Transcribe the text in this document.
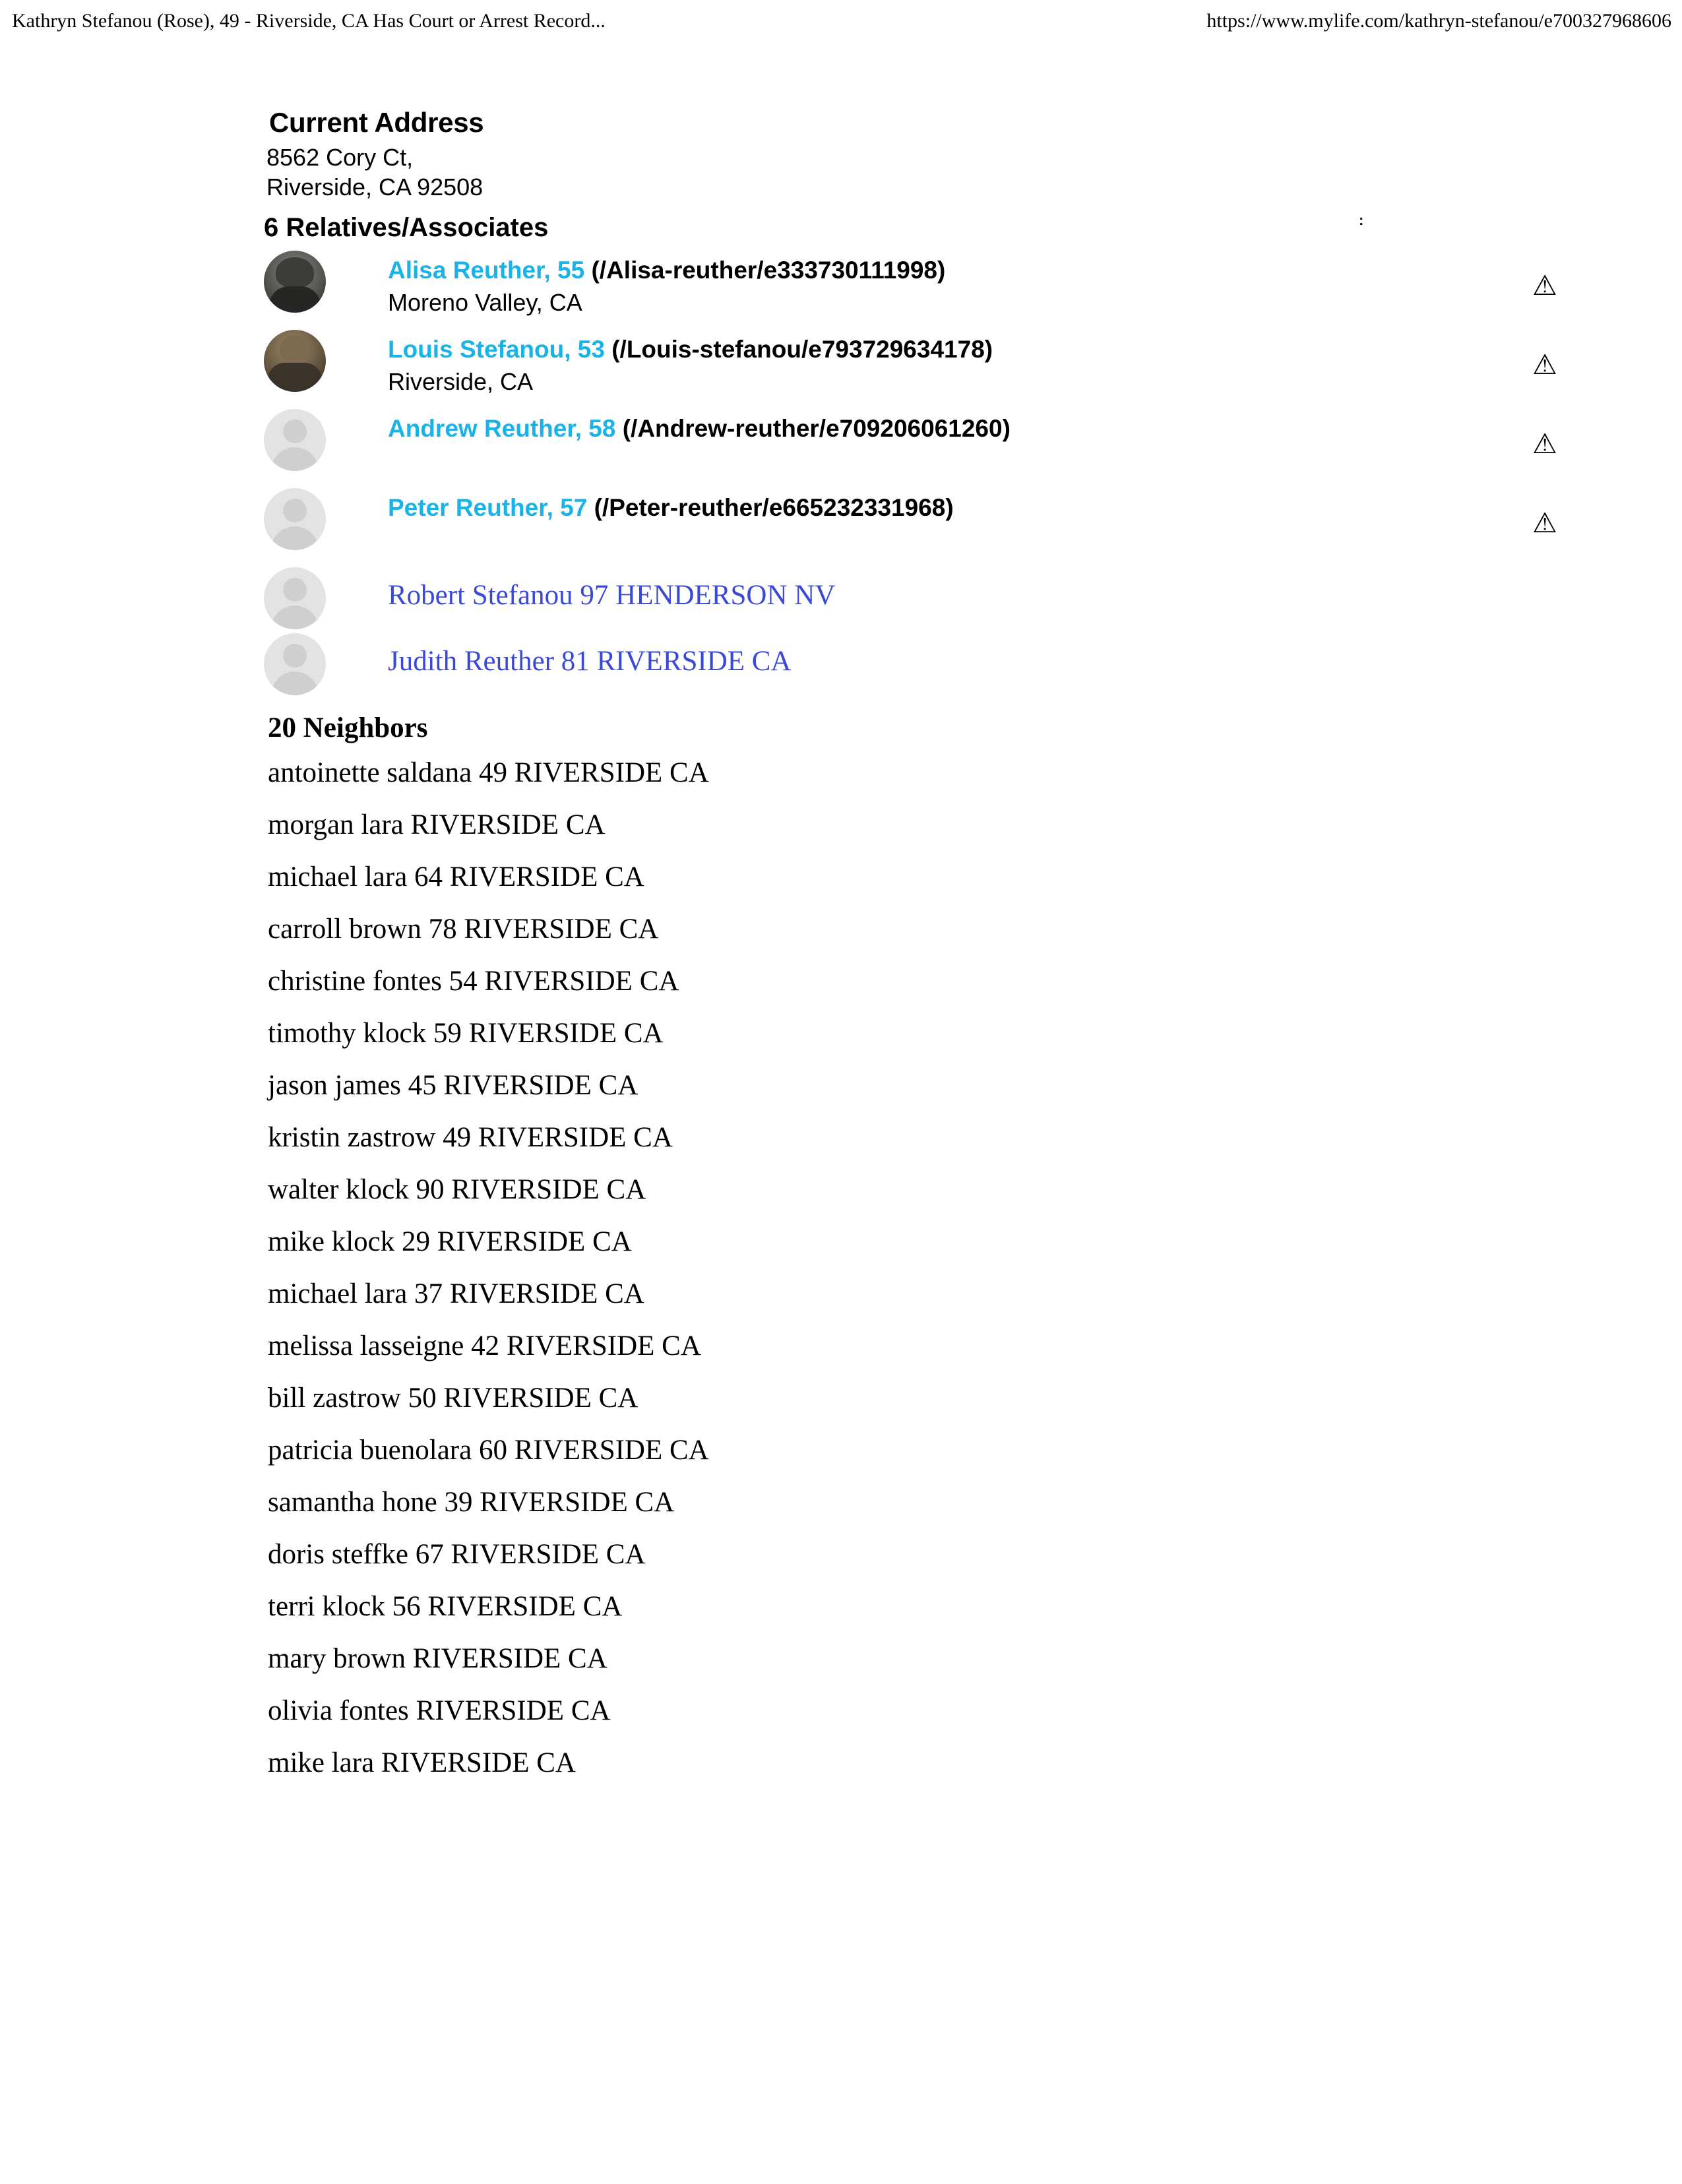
Kathryn Stefanou (Rose), 49 - Riverside, CA Has Court or Arrest Record...	https://www.mylife.com/kathryn-stefanou/e700327968606
Current Address
8562 Cory Ct,
Riverside, CA 92508
6 Relatives/Associates	:
Alisa Reuther, 55 (/Alisa-reuther/e333730111998)
Moreno Valley, CA
⚠
Louis Stefanou, 53 (/Louis-stefanou/e793729634178)
Riverside, CA
⚠
Andrew Reuther, 58 (/Andrew-reuther/e709206061260)
⚠
Peter Reuther, 57 (/Peter-reuther/e665232331968)
⚠
Robert Stefanou 97 HENDERSON NV
Judith Reuther 81 RIVERSIDE CA
20 Neighbors
antoinette saldana 49 RIVERSIDE CA
morgan lara RIVERSIDE CA
michael lara 64 RIVERSIDE CA
carroll brown 78 RIVERSIDE CA
christine fontes 54 RIVERSIDE CA
timothy klock 59 RIVERSIDE CA
jason james 45 RIVERSIDE CA
kristin zastrow 49 RIVERSIDE CA
walter klock 90 RIVERSIDE CA
mike klock 29 RIVERSIDE CA
michael lara 37 RIVERSIDE CA
melissa lasseigne 42 RIVERSIDE CA
bill zastrow 50 RIVERSIDE CA
patricia buenolara 60 RIVERSIDE CA
samantha hone 39 RIVERSIDE CA
doris steffke 67 RIVERSIDE CA
terri klock 56 RIVERSIDE CA
mary brown RIVERSIDE CA
olivia fontes RIVERSIDE CA
mike lara RIVERSIDE CA
